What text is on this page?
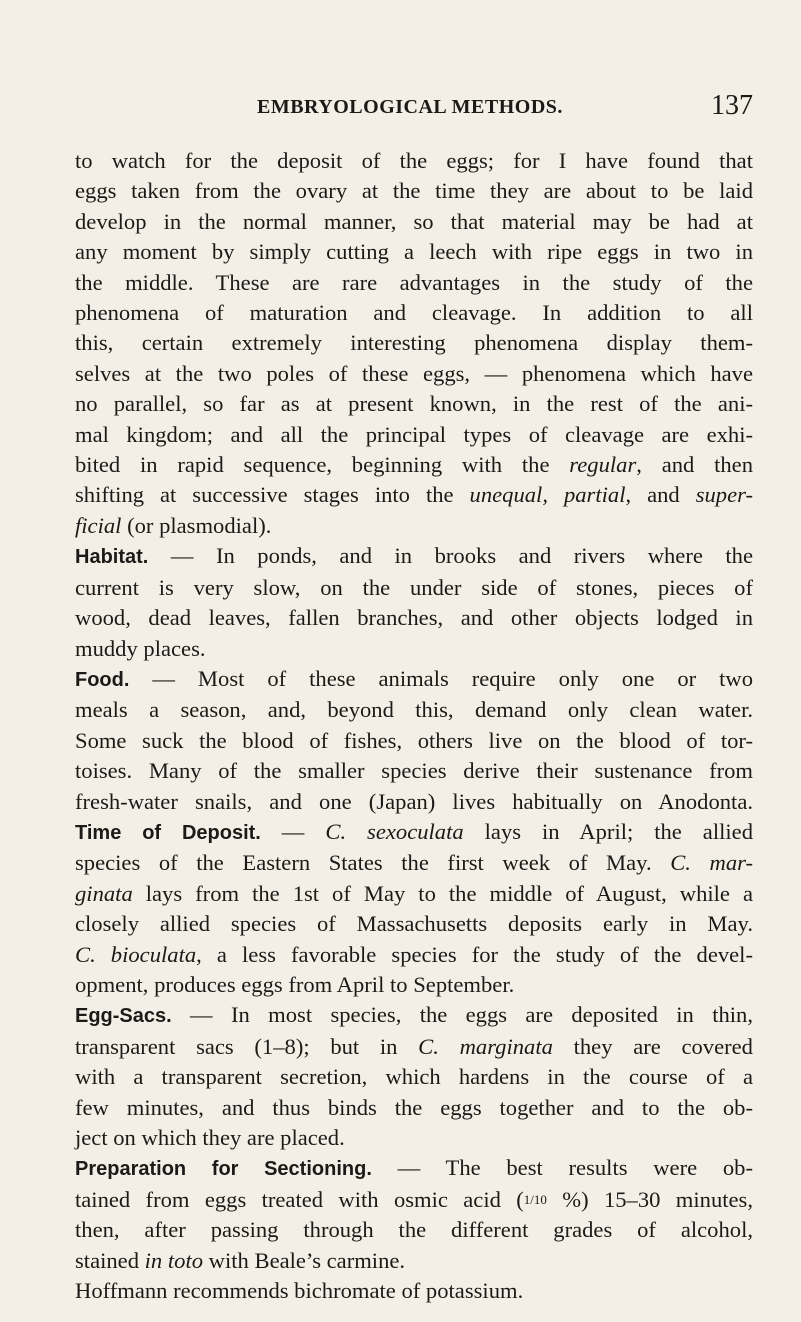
EMBRYOLOGICAL METHODS.	137
to watch for the deposit of the eggs; for I have found that
eggs taken from the ovary at the time they are about to be laid
develop in the normal manner, so that material may be had at
any moment by simply cutting a leech with ripe eggs in two in
the middle. These are rare advantages in the study of the
phenomena of maturation and cleavage. In addition to all
this, certain extremely interesting phenomena display them-
selves at the two poles of these eggs, — phenomena which have
no parallel, so far as at present known, in the rest of the ani-
mal kingdom; and all the principal types of cleavage are exhi-
bited in rapid sequence, beginning with the regular, and then
shifting at successive stages into the unequal, partial, and super-
ficial (or plasmodial).
Habitat. — In ponds, and in brooks and rivers where the
current is very slow, on the under side of stones, pieces of
wood, dead leaves, fallen branches, and other objects lodged in
muddy places.
Food. — Most of these animals require only one or two
meals a season, and, beyond this, demand only clean water.
Some suck the blood of fishes, others live on the blood of tor-
toises. Many of the smaller species derive their sustenance from
fresh-water snails, and one (Japan) lives habitually on Anodonta.
Time of Deposit. — C. sexoculata lays in April; the allied
species of the Eastern States the first week of May. C. mar-
ginata lays from the 1st of May to the middle of August, while a
closely allied species of Massachusetts deposits early in May.
C. bioculata, a less favorable species for the study of the devel-
opment, produces eggs from April to September.
Egg-Sacs. — In most species, the eggs are deposited in thin,
transparent sacs (1–8); but in C. marginata they are covered
with a transparent secretion, which hardens in the course of a
few minutes, and thus binds the eggs together and to the ob-
ject on which they are placed.
Preparation for Sectioning. — The best results were ob-
tained from eggs treated with osmic acid (1/10 %) 15–30 minutes,
then, after passing through the different grades of alcohol,
stained in toto with Beale’s carmine.
Hoffmann recommends bichromate of potassium.
